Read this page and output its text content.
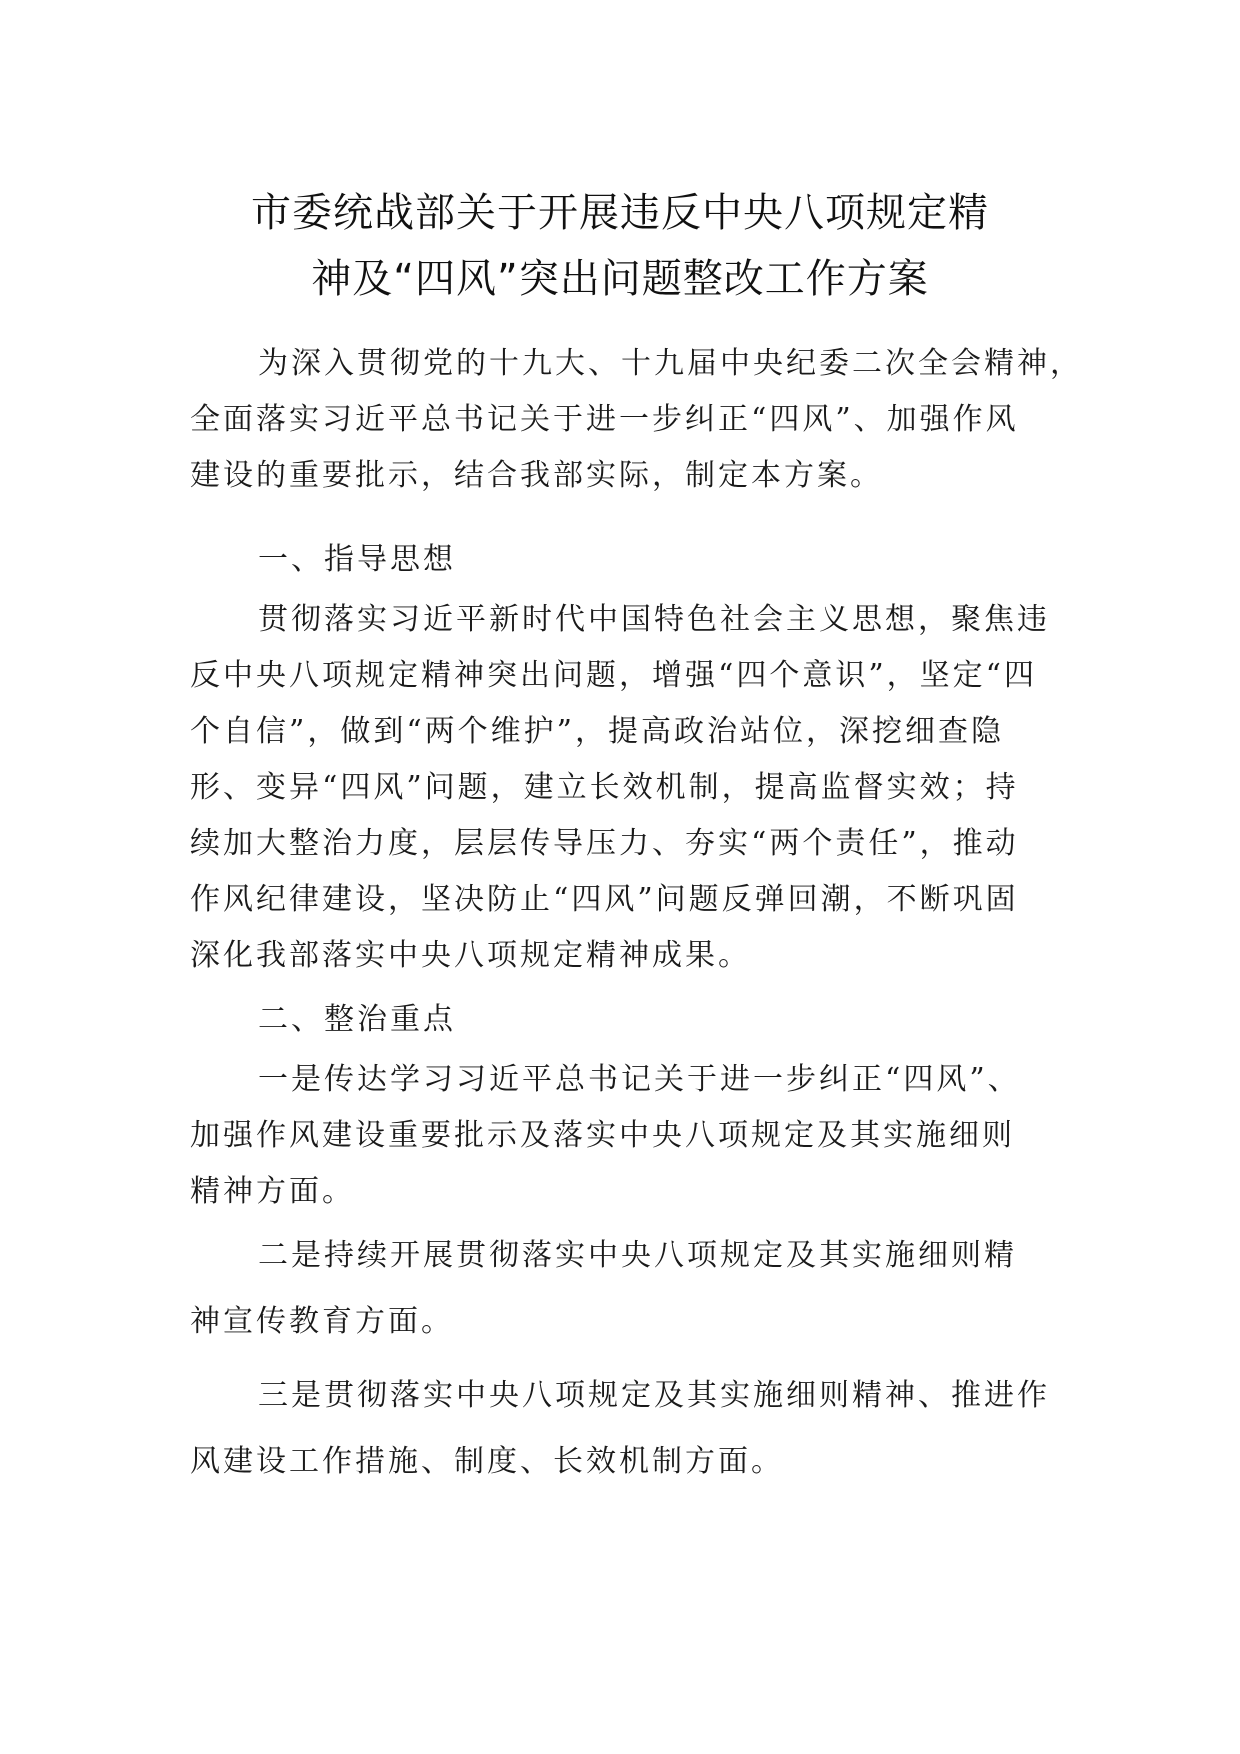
市委统战部关于开展违反中央八项规定精
神及“四风”突出问题整改工作方案

为深入贯彻党的十九大、十九届中央纪委二次全会精神，
全面落实习近平总书记关于进一步纠正“四风”、加强作风
建设的重要批示，结合我部实际，制定本方案。

一、指导思想

贯彻落实习近平新时代中国特色社会主义思想，聚焦违
反中央八项规定精神突出问题，增强“四个意识”，坚定“四
个自信”，做到“两个维护”，提高政治站位，深挖细查隐
形、变异“四风”问题，建立长效机制，提高监督实效；持
续加大整治力度，层层传导压力、夯实“两个责任”，推动
作风纪律建设，坚决防止“四风”问题反弹回潮，不断巩固
深化我部落实中央八项规定精神成果。

二、整治重点

一是传达学习习近平总书记关于进一步纠正“四风”、
加强作风建设重要批示及落实中央八项规定及其实施细则
精神方面。

二是持续开展贯彻落实中央八项规定及其实施细则精
神宣传教育方面。

三是贯彻落实中央八项规定及其实施细则精神、推进作
风建设工作措施、制度、长效机制方面。
